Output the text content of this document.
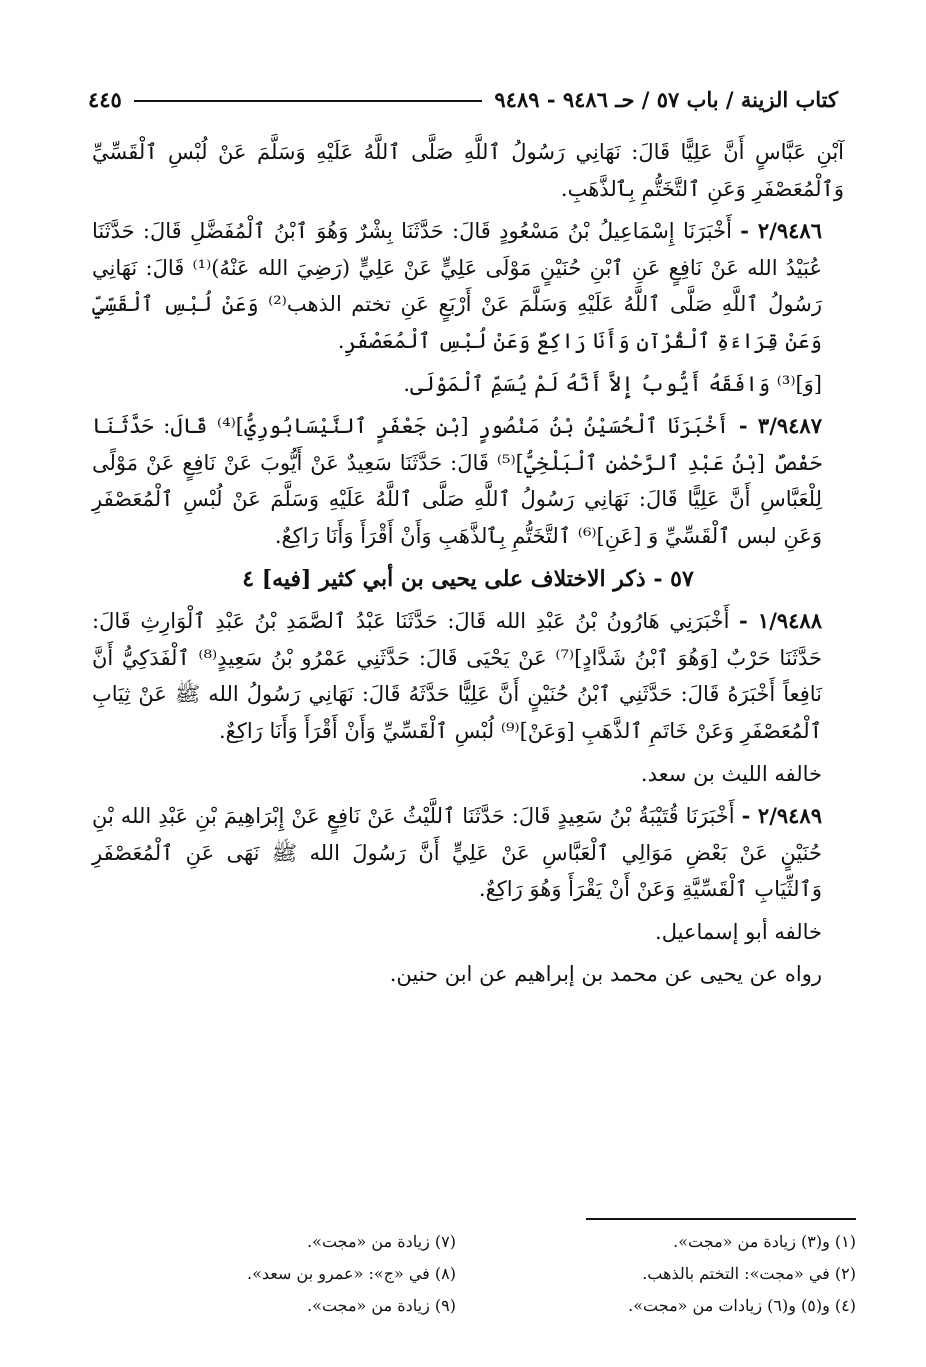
كتاب الزينة / باب ٥٧ / حـ ٩٤٨٦ - ٩٤٨٩
٤٤٥

آبْنِ عَبَّاسٍ أَنَّ عَلِيًّا قَالَ: نَهَانِي رَسُولُ ٱللَّهِ صَلَّى ٱللَّهُ عَلَيْهِ وَسَلَّمَ عَنْ لُبْسِ ٱلْقَسِّيِّ وَٱلْمُعَصْفَرِ وَعَنِ ٱلتَّخَتُّمِ بِٱلذَّهَبِ.

٢/٩٤٨٦ - أَخْبَرَنَا إِسْمَاعِيلُ بْنُ مَسْعُودٍ قَالَ: حَدَّثَنَا بِشْرٌ وَهُوَ ٱبْنُ ٱلْمُفَضَّلِ قَالَ: حَدَّثَنَا عُبَيْدُ الله عَنْ نَافِعٍ عَنِ ٱبْنِ حُنَيْنٍ مَوْلَى عَلِيٍّ عَنْ عَلِيٍّ (رَضِيَ الله عَنْهُ)⁽¹⁾ قَالَ: نَهَانِي رَسُولُ ٱللَّهِ صَلَّى ٱللَّهُ عَلَيْهِ وَسَلَّمَ عَنْ أَرْبَعٍ عَنِ تختم الذهب⁽²⁾ وَعَنْ لُبْسِ ٱلْقَسِّيِّ وَعَنْ قِرَاءَةِ ٱلْقُرْآنِ وَأَنَا رَاكِعٌ وَعَنْ لُبْسِ ٱلْمُعَصْفَرِ.

[وَ]⁽³⁾ وَافَقَهُ أَيُّوبُ إِلاَّ أَنَّهُ لَمْ يُسَمِّ ٱلْمَوْلَى.

٣/٩٤٨٧ - أَخْبَرَنَا ٱلْحُسَيْنُ بْنُ مَنْصُورٍ [بْنِ جَعْفَرٍ ٱلنَّيْسَابُورِيُّ]⁽⁴⁾ قَالَ: حَدَّثَنَا حَفْصٌ [بْنُ عَبْدِ ٱلرَّحْمٰنِ ٱلْبَلْخِيُّ]⁽⁵⁾ قَالَ: حَدَّثَنَا سَعِيدٌ عَنْ أَيُّوبَ عَنْ نَافِعٍ عَنْ مَوْلًى لِلْعَبَّاسِ أَنَّ عَلِيًّا قَالَ: نَهَانِي رَسُولُ ٱللَّهِ صَلَّى ٱللَّهُ عَلَيْهِ وَسَلَّمَ عَنْ لُبْسِ ٱلْمُعَصْفَرِ وَعَنِ لبس ٱلْقَسِّيِّ وَ [عَنِ]⁽⁶⁾ ٱلتَّخَتُّمِ بِٱلذَّهَبِ وَأَنْ أَقْرَأَ وَأَنَا رَاكِعٌ.

٥٧ - ذكر الاختلاف على يحيى بن أبي كثير [فيه] ٤

١/٩٤٨٨ - أَخْبَرَنِي هَارُونُ بْنُ عَبْدِ الله قَالَ: حَدَّثَنَا عَبْدُ ٱلصَّمَدِ بْنُ عَبْدِ ٱلْوَارِثِ قَالَ: حَدَّثَنَا حَرْبٌ [وَهُوَ ٱبْنُ شَدَّادٍ]⁽⁷⁾ عَنْ يَحْيَى قَالَ: حَدَّثَنِي عَمْرُو بْنُ سَعِيدٍ⁽⁸⁾ ٱلْفَدَكِيُّ أَنَّ نَافِعاً أَخْبَرَهُ قَالَ: حَدَّثَنِي ٱبْنُ حُنَيْنٍ أَنَّ عَلِيًّا حَدَّثَهُ قَالَ: نَهَانِي رَسُولُ الله ﷺ عَنْ ثِيَابِ ٱلْمُعَصْفَرِ وَعَنْ خَاتَمِ ٱلذَّهَبِ [وَعَنْ]⁽⁹⁾ لُبْسِ ٱلْقَسِّيِّ وَأَنْ أَقْرَأَ وَأَنَا رَاكِعٌ.

خالفه الليث بن سعد.

٢/٩٤٨٩ - أَخْبَرَنَا قُتَيْبَةُ بْنُ سَعِيدٍ قَالَ: حَدَّثَنَا ٱللَّيْثُ عَنْ نَافِعٍ عَنْ إِبْرَاهِيمَ بْنِ عَبْدِ الله بْنِ حُنَيْنٍ عَنْ بَعْضِ مَوَالِي ٱلْعَبَّاسِ عَنْ عَلِيٍّ أَنَّ رَسُولَ الله ﷺ نَهَى عَنِ ٱلْمُعَصْفَرِ وَٱلثِّيَابِ ٱلْقَسِّيَّةِ وَعَنْ أَنْ يَقْرَأَ وَهُوَ رَاكِعٌ.

خالفه أبو إسماعيل.

رواه عن يحيى عن محمد بن إبراهيم عن ابن حنين.

(١) و(٣) زيادة من «مجت».
(٢) في «مجت»: التختم بالذهب.
(٤) و(٥) و(٦) زيادات من «مجت».
(٧) زيادة من «مجت».
(٨) في «ج»: «عمرو بن سعد».
(٩) زيادة من «مجت».
